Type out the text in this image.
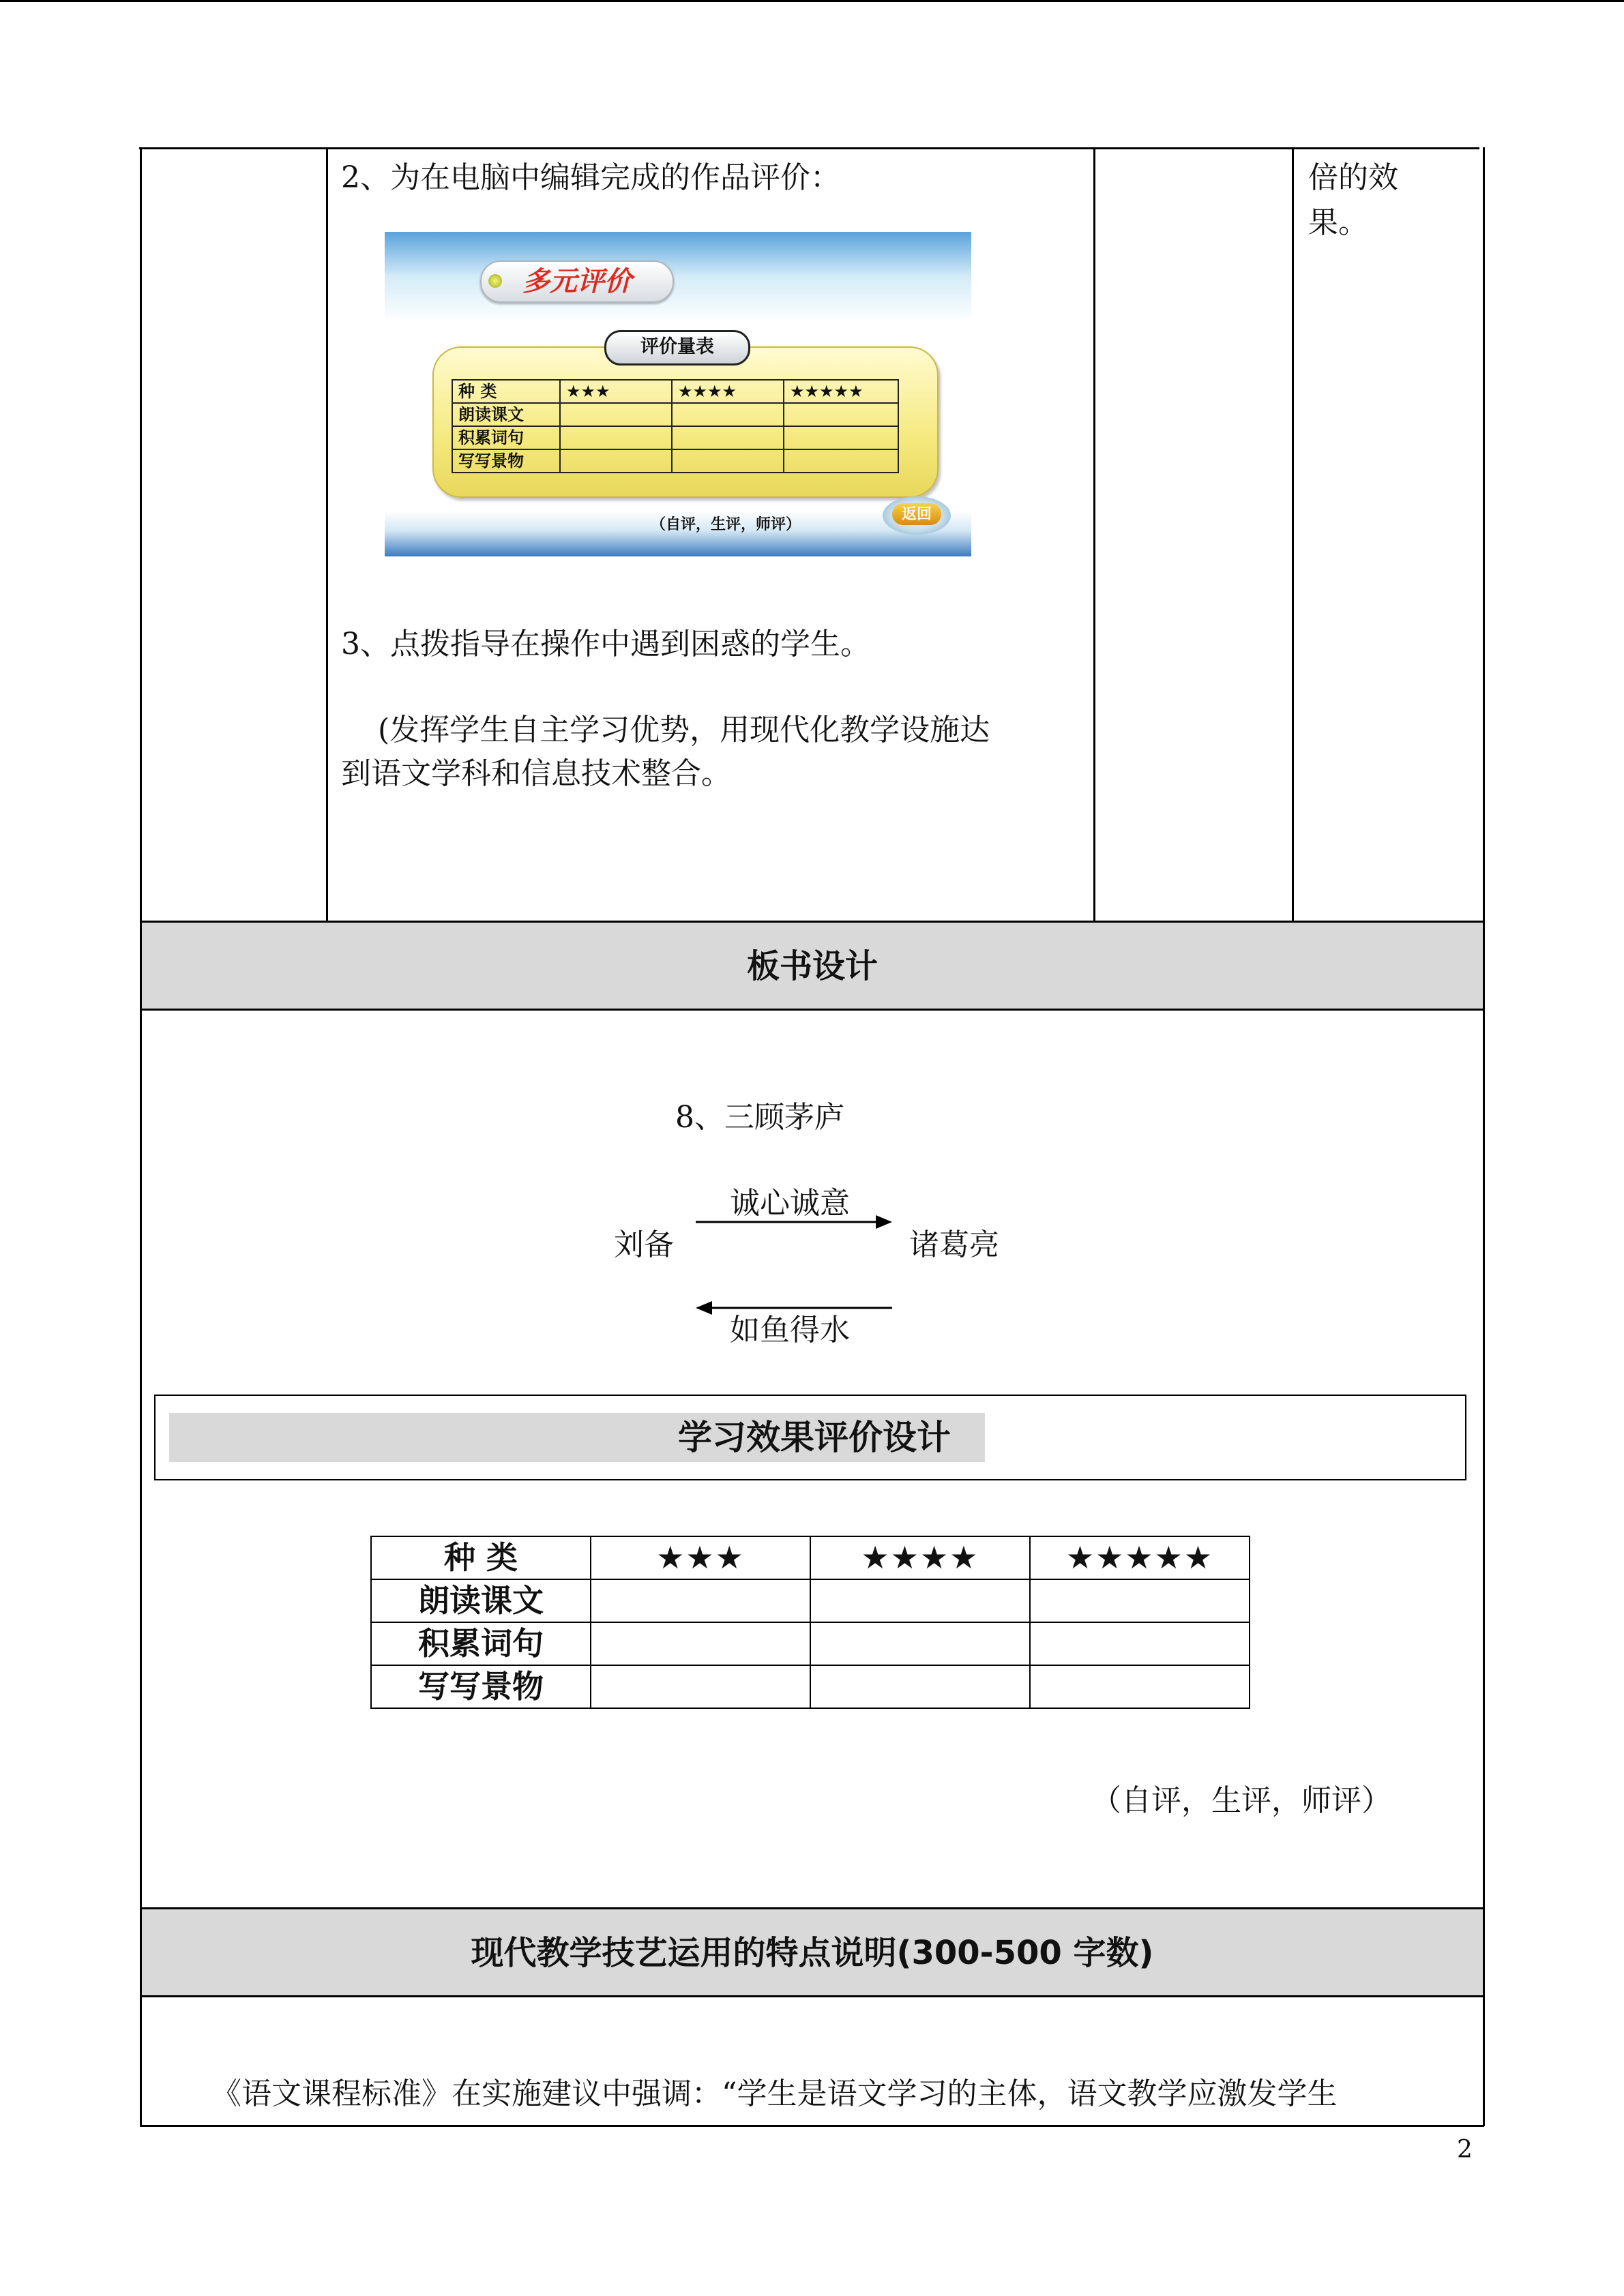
2、为在电脑中编辑完成的作品评价：	倍的效
果。
多元评价
评价量表
种 类	★★★	★★★★	★★★★★
朗读课文			
积累词句			
写写景物			
（自评，生评，师评）
返回
3、点拨指导在操作中遇到困惑的学生。
(发挥学生自主学习优势，用现代化教学设施达
到语文学科和信息技术整合。
板书设计
8、三顾茅庐
诚心诚意
刘备	诸葛亮
如鱼得水
学习效果评价设计
种 类	★★★	★★★★	★★★★★
朗读课文			
积累词句			
写写景物			
（自评，生评，师评）
现代教学技艺运用的特点说明(300-500 字数)
《语文课程标准》在实施建议中强调：“学生是语文学习的主体，语文教学应激发学生
2
